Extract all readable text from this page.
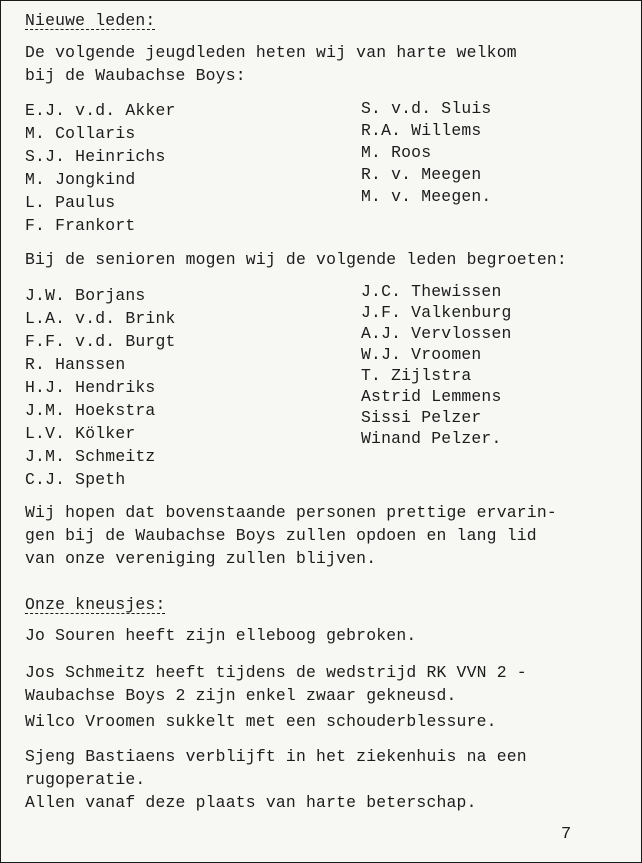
Nieuwe leden:
De volgende jeugdleden heten wij van harte welkom
bij de Waubachse Boys:
E.J. v.d. Akker
M. Collaris
S.J. Heinrichs
M. Jongkind
L. Paulus
F. Frankort
S. v.d. Sluis
R.A. Willems
M. Roos
R. v. Meegen
M. v. Meegen.
Bij de senioren mogen wij de volgende leden begroeten:
J.W. Borjans
L.A. v.d. Brink
F.F. v.d. Burgt
R. Hanssen
H.J. Hendriks
J.M. Hoekstra
L.V. Kölker
J.M. Schmeitz
C.J. Speth
J.C. Thewissen
J.F. Valkenburg
A.J. Vervlossen
W.J. Vroomen
T. Zijlstra
Astrid Lemmens
Sissi Pelzer
Winand Pelzer.
Wij hopen dat bovenstaande personen prettige ervarin-
gen bij de Waubachse Boys zullen opdoen en lang lid
van onze vereniging zullen blijven.
Onze kneusjes:
Jo Souren heeft zijn elleboog gebroken.
Jos Schmeitz heeft tijdens de wedstrijd RK VVN 2 -
Waubachse Boys 2 zijn enkel zwaar gekneusd.
Wilco Vroomen sukkelt met een schouderblessure.
Sjeng Bastiaens verblijft in het ziekenhuis na een
rugoperatie.
Allen vanaf deze plaats van harte beterschap.
7
